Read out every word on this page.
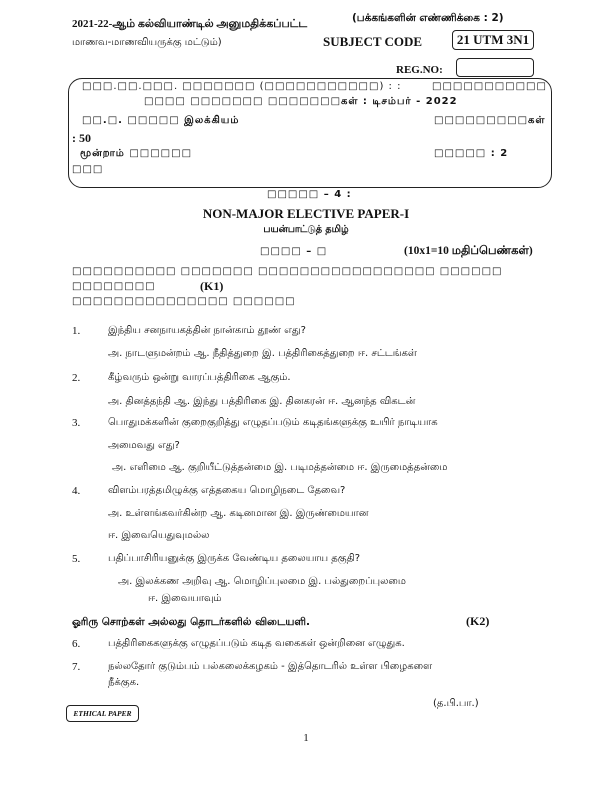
2021-22-ஆம் கல்வியாண்டில் அனுமதிக்கப்பட்ட	(பக்கங்களின் எண்ணிக்கை : 2)
மாணவ-மாணவியருக்கு மட்டும்)	SUBJECT CODE	21 UTM 3N1
REG.NO:
□□□.□□.□□□. □□□□□□□ (□□□□□□□□□□□) : :	□□□□□□□□□□□
□□□□ □□□□□□□ □□□□□□□கள் : டிசம்பர் - 2022
□□.□. □□□□□ இலக்கியம்	□□□□□□□□□கள்
: 50
மூன்றாம் □□□□□□	□□□□□ : 2
□□□
□□□□□ – 4 :
NON-MAJOR ELECTIVE PAPER-I
பயன்பாட்டுத் தமிழ்
□□□□ – □	(10x1=10 மதிப்பெண்கள்)
□□□□□□□□□□ □□□□□□□ □□□□□□□□□□□□□□□□□ □□□□□□
□□□□□□□□	(K1)
□□□□□□□□□□□□□□□ □□□□□□
1.	இந்திய சனநாயகத்தின் நான்காம் தூண் எது?
அ. நாடளுமன்றம் ஆ. நீதித்துறை இ. பத்திரிகைத்துறை ஈ. சட்டங்கள்
2.	கீழ்வரும் ஒன்று வாரப்பத்திரிகை ஆகும்.
அ. தினத்தந்தி ஆ. இந்து பத்திரிகை இ. தினகரன் ஈ. ஆனந்த விகடன்
3.	பொதுமக்களின் குறைகுறித்து எழுதப்படும் கடிதங்களுக்கு உயிர் நாடியாக
அமைவது எது?
அ. எளிமை ஆ. குறியீட்டுத்தன்மை இ. படிமத்தன்மை ஈ. இருமைத்தன்மை
4.	விளம்பரத்தமிழுக்கு எத்தகைய மொழிநடை தேவை?
அ. உள்ளங்கவர்கின்ற ஆ. கடினமான இ. இருண்மையான
ஈ. இவையெதுவுமல்ல
5.	பதிப்பாசிரியனுக்கு இருக்க வேண்டிய தலையாய தகுதி?
அ. இலக்கண அறிவு ஆ. மொழிப்புலமை இ. பல்துறைப்புலமை
ஈ. இவையாவும்
ஓரிரு சொற்கள் அல்லது தொடர்களில் விடையளி.	(K2)
6.	பத்திரிகைகளுக்கு எழுதப்படும் கடித வகைகள் ஒன்றினை எழுதுக.
7.	நல்லதோர் குடும்பம் பல்கலைக்கழகம் - இத்தொடரில் உள்ள பிழைகளை
நீக்குக.
(த.பி.பா.)
ETHICAL PAPER
1
